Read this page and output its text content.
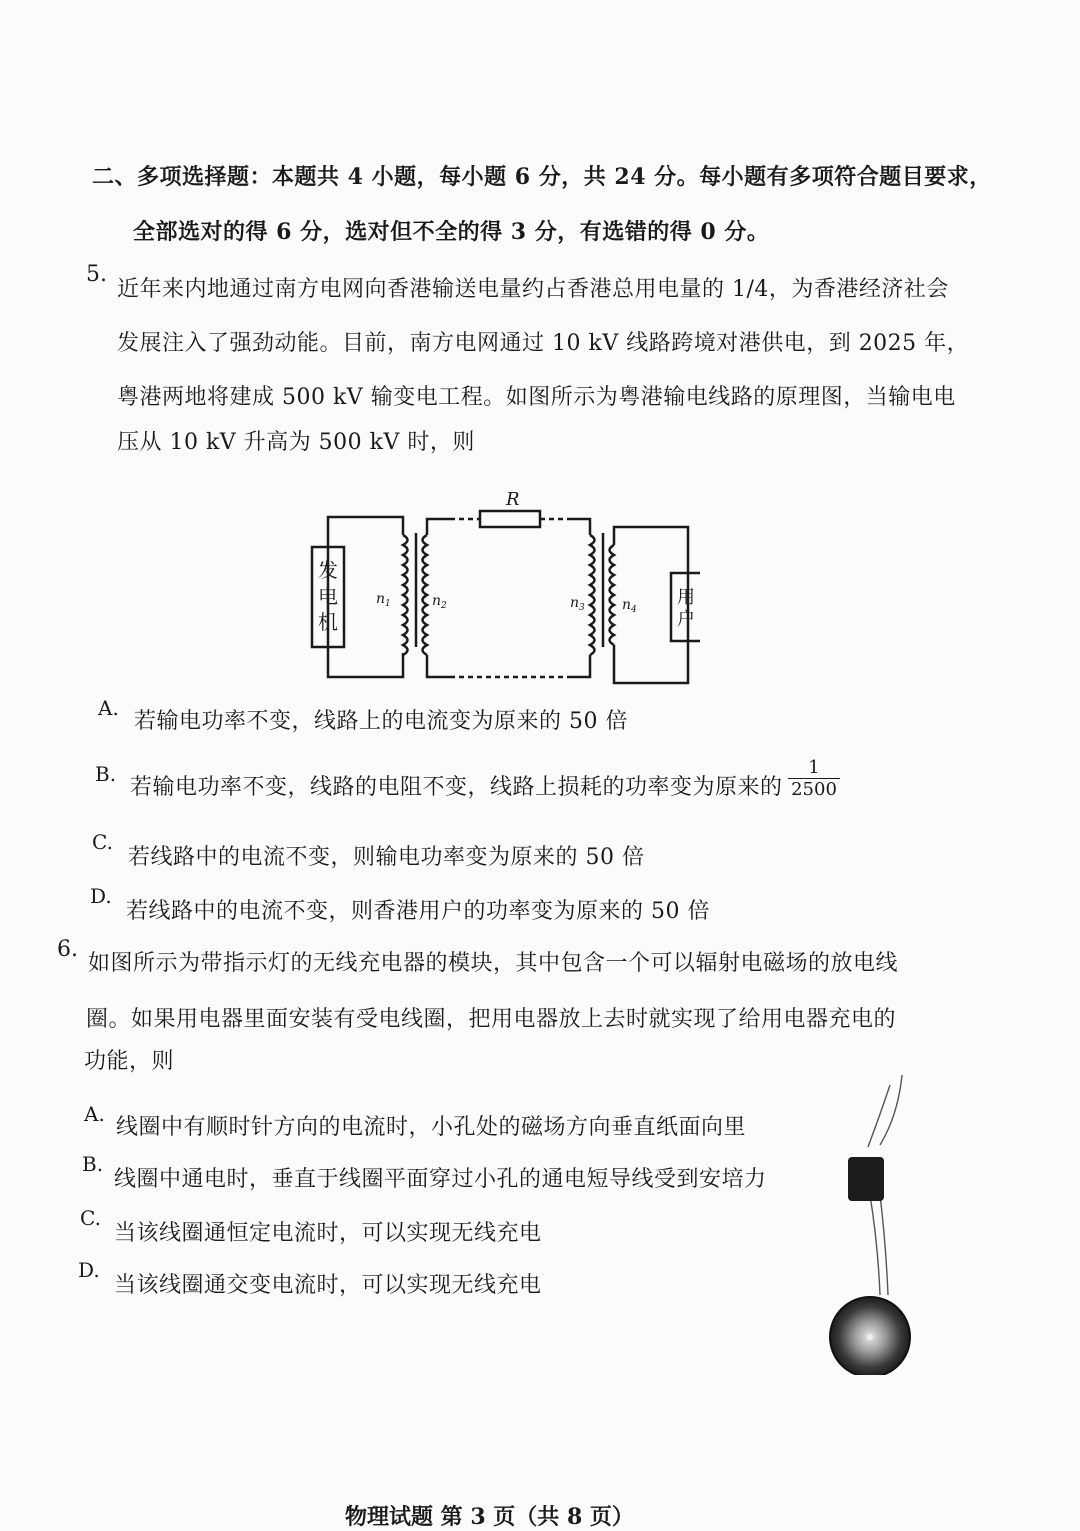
二、多项选择题：本题共 4 小题，每小题 6 分，共 24 分。每小题有多项符合题目要求，
全部选对的得 6 分，选对但不全的得 3 分，有选错的得 0 分。
5.
近年来内地通过南方电网向香港输送电量约占香港总用电量的 1/4，为香港经济社会
发展注入了强劲动能。目前，南方电网通过 10 kV 线路跨境对港供电，到 2025 年，
粤港两地将建成 500 kV 输变电工程。如图所示为粤港输电线路的原理图，当输电电
压从 10 kV 升高为 500 kV 时，则
R
发
电
机
用
户
$n_1$	$n_2$	$n_3$	$n_4$
A.
若输电功率不变，线路上的电流变为原来的 50 倍
B.
若输电功率不变，线路的电阻不变，线路上损耗的功率变为原来的 $\frac{1}{2500}$
C.
若线路中的电流不变，则输电功率变为原来的 50 倍
D.
若线路中的电流不变，则香港用户的功率变为原来的 50 倍
6.
如图所示为带指示灯的无线充电器的模块，其中包含一个可以辐射电磁场的放电线
圈。如果用电器里面安装有受电线圈，把用电器放上去时就实现了给用电器充电的
功能，则
A.
线圈中有顺时针方向的电流时，小孔处的磁场方向垂直纸面向里
B.
线圈中通电时，垂直于线圈平面穿过小孔的通电短导线受到安培力
C.
当该线圈通恒定电流时，可以实现无线充电
D.
当该线圈通交变电流时，可以实现无线充电
物理试题 第 3 页（共 8 页）
